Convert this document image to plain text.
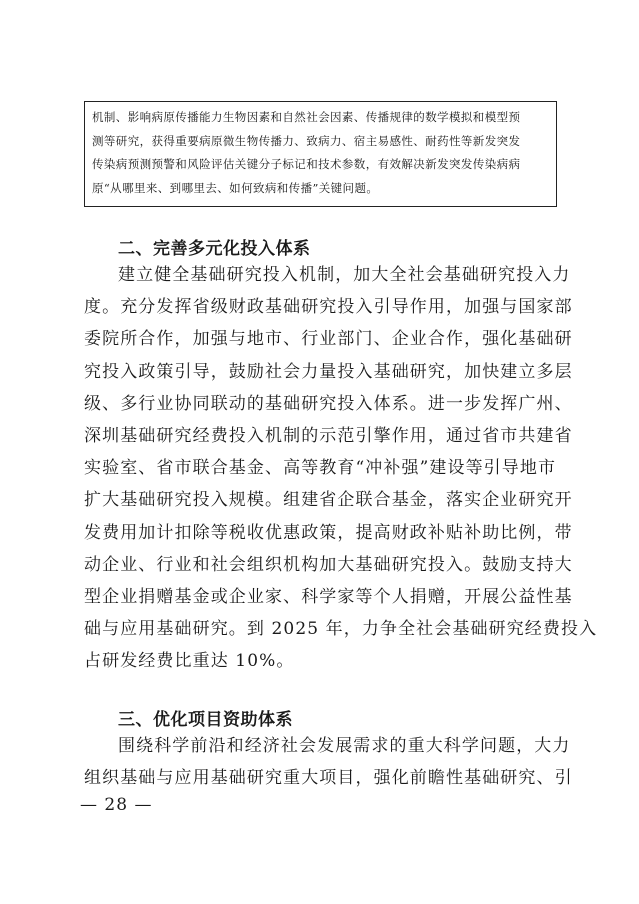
机制、影响病原传播能力生物因素和自然社会因素、传播规律的数学模拟和模型预
测等研究，获得重要病原微生物传播力、致病力、宿主易感性、耐药性等新发突发
传染病预测预警和风险评估关键分子标记和技术参数，有效解决新发突发传染病病
原“从哪里来、到哪里去、如何致病和传播”关键问题。
二、完善多元化投入体系
建立健全基础研究投入机制，加大全社会基础研究投入力
度。充分发挥省级财政基础研究投入引导作用，加强与国家部
委院所合作，加强与地市、行业部门、企业合作，强化基础研
究投入政策引导，鼓励社会力量投入基础研究，加快建立多层
级、多行业协同联动的基础研究投入体系。进一步发挥广州、
深圳基础研究经费投入机制的示范引擎作用，通过省市共建省
实验室、省市联合基金、高等教育“冲补强”建设等引导地市
扩大基础研究投入规模。组建省企联合基金，落实企业研究开
发费用加计扣除等税收优惠政策，提高财政补贴补助比例，带
动企业、行业和社会组织机构加大基础研究投入。鼓励支持大
型企业捐赠基金或企业家、科学家等个人捐赠，开展公益性基
础与应用基础研究。到 2025 年，力争全社会基础研究经费投入
占研发经费比重达 10%。
三、优化项目资助体系
围绕科学前沿和经济社会发展需求的重大科学问题，大力
组织基础与应用基础研究重大项目，强化前瞻性基础研究、引
— 28 —
